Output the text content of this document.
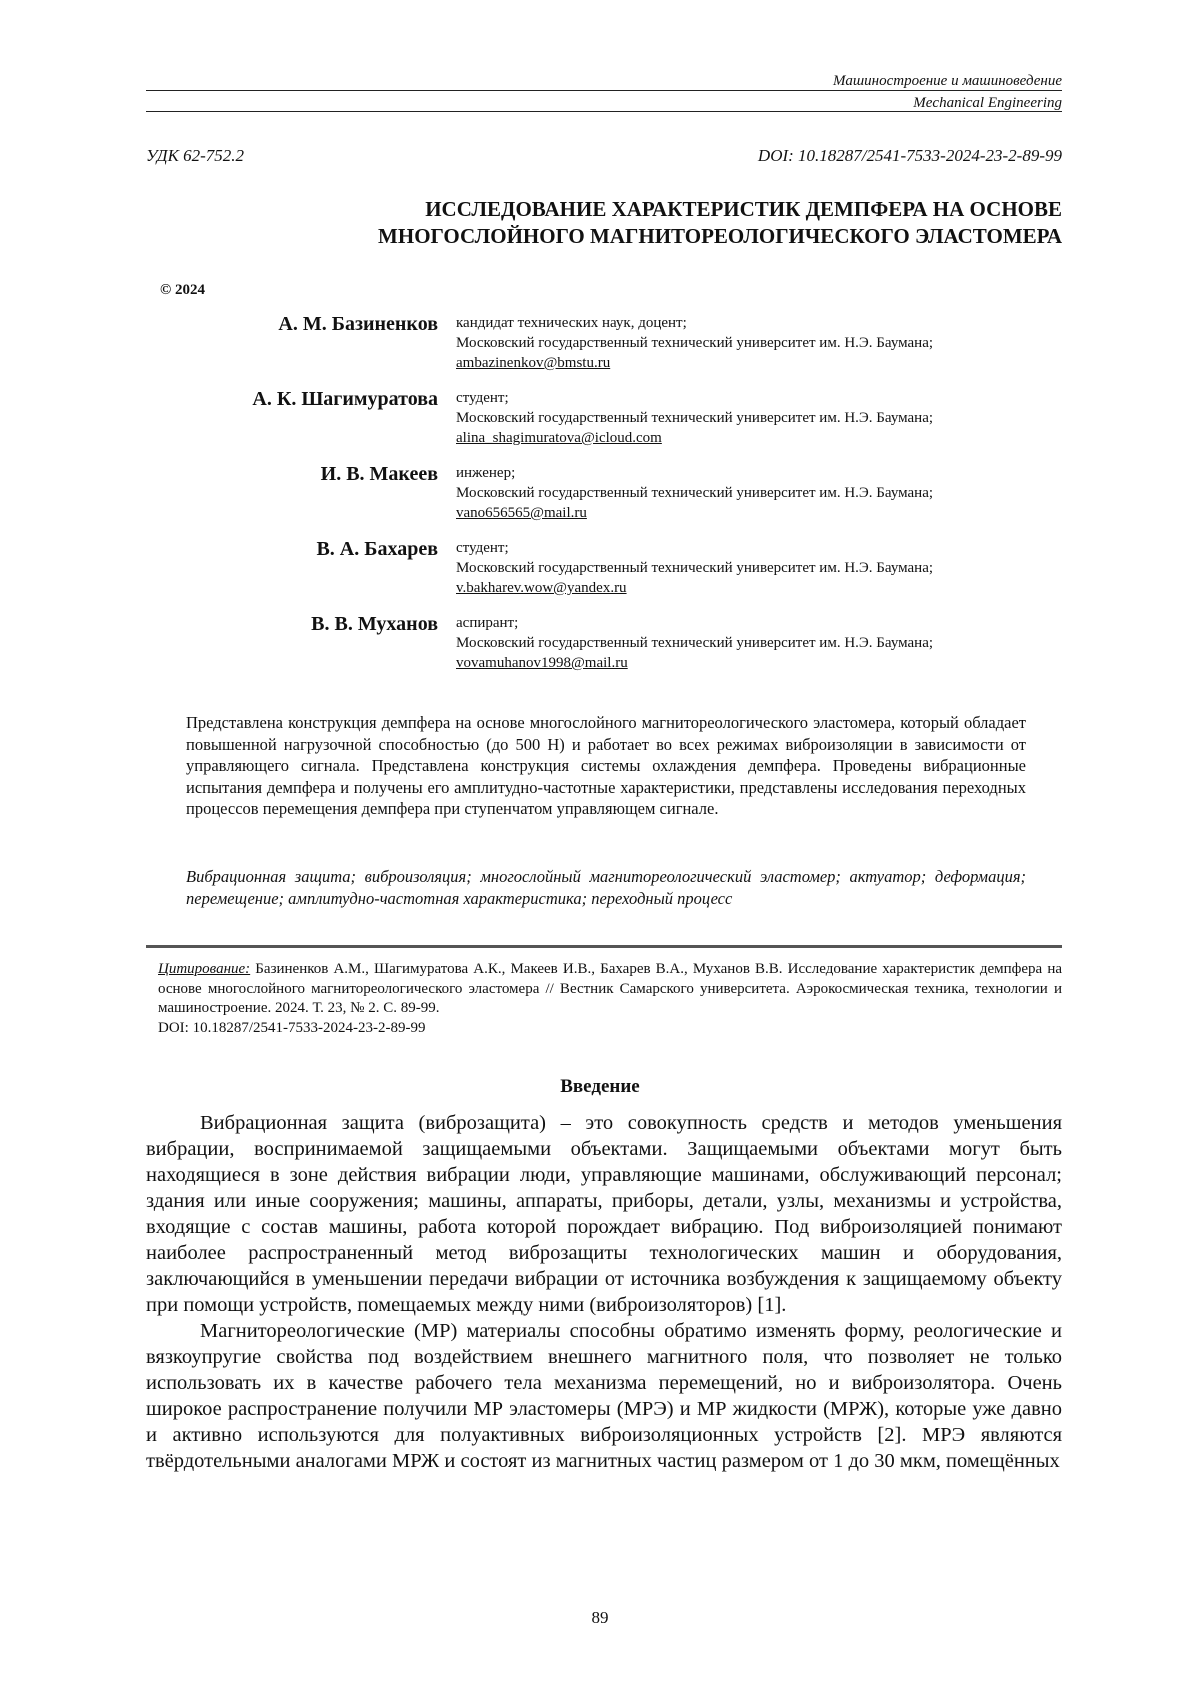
Машиностроение и машиноведение
Mechanical Engineering
УДК 62-752.2	DOI: 10.18287/2541-7533-2024-23-2-89-99
ИССЛЕДОВАНИЕ ХАРАКТЕРИСТИК ДЕМПФЕРА НА ОСНОВЕ
МНОГОСЛОЙНОГО МАГНИТОРЕОЛОГИЧЕСКОГО ЭЛАСТОМЕРА
© 2024
А. М. Базиненков кандидат технических наук, доцент;
Московский государственный технический университет им. Н.Э. Баумана;
ambazinenkov@bmstu.ru
А. К. Шагимуратова студент;
Московский государственный технический университет им. Н.Э. Баумана;
alina_shagimuratova@icloud.com
И. В. Макеев инженер;
Московский государственный технический университет им. Н.Э. Баумана;
vano656565@mail.ru
В. А. Бахарев студент;
Московский государственный технический университет им. Н.Э. Баумана;
v.bakharev.wow@yandex.ru
В. В. Муханов аспирант;
Московский государственный технический университет им. Н.Э. Баумана;
vovamuhanov1998@mail.ru
Представлена конструкция демпфера на основе многослойного магнитореологического эластомера, который обладает повышенной нагрузочной способностью (до 500 Н) и работает во всех режимах виброизоляции в зависимости от управляющего сигнала. Представлена конструкция системы охлаждения демпфера. Проведены вибрационные испытания демпфера и получены его амплитудно-частотные характеристики, представлены исследования переходных процессов перемещения демпфера при ступенчатом управляющем сигнале.
Вибрационная защита; виброизоляция; многослойный магнитореологический эластомер; актуатор; деформация; перемещение; амплитудно-частотная характеристика; переходный процесс
Цитирование: Базиненков А.М., Шагимуратова А.К., Макеев И.В., Бахарев В.А., Муханов В.В. Исследование характеристик демпфера на основе многослойного магнитореологического эластомера // Вестник Самарского университета. Аэрокосмическая техника, технологии и машиностроение. 2024. Т. 23, № 2. С. 89-99.
DOI: 10.18287/2541-7533-2024-23-2-89-99
Введение

Вибрационная защита (виброзащита) – это совокупность средств и методов уменьшения вибрации, воспринимаемой защищаемыми объектами. Защищаемыми объектами могут быть находящиеся в зоне действия вибрации люди, управляющие машинами, обслуживающий персонал; здания или иные сооружения; машины, аппараты, приборы, детали, узлы, механизмы и устройства, входящие с состав машины, работа которой порождает вибрацию. Под виброизоляцией понимают наиболее распространенный метод виброзащиты технологических машин и оборудования, заключающийся в уменьшении передачи вибрации от источника возбуждения к защищаемому объекту при помощи устройств, помещаемых между ними (виброизоляторов) [1].

Магнитореологические (МР) материалы способны обратимо изменять форму, реологические и вязкоупругие свойства под воздействием внешнего магнитного поля, что позволяет не только использовать их в качестве рабочего тела механизма перемещений, но и виброизолятора. Очень широкое распространение получили МР эластомеры (МРЭ) и МР жидкости (МРЖ), которые уже давно и активно используются для полуактивных виброизоляционных устройств [2]. МРЭ являются твёрдотельными аналогами МРЖ и состоят из магнитных частиц размером от 1 до 30 мкм, помещённых

89
